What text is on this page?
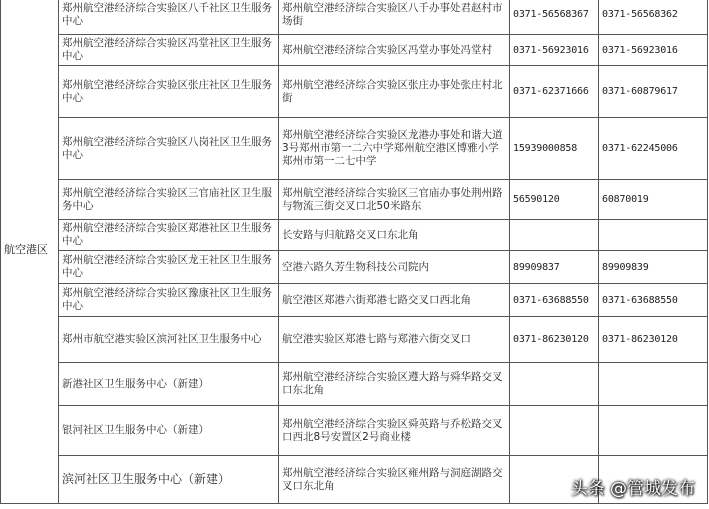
航空港区	郑州航空港经济综合实验区八千社区卫生服务中心	郑州航空港经济综合实验区八千办事处君赵村市场街	0371-56568367	0371-56568362
	郑州航空港经济综合实验区冯堂社区卫生服务中心	郑州航空港经济综合实验区冯堂办事处冯堂村	0371-56923016	0371-56923016
	郑州航空港经济综合实验区张庄社区卫生服务中心	郑州航空港经济综合实验区张庄办事处张庄村北街	0371-62371666	0371-60879617
	郑州航空港经济综合实验区八岗社区卫生服务中心	郑州航空港经济综合实验区龙港办事处和谐大道3号郑州市第一二六中学郑州航空港区博雅小学郑州市第一二七中学	15939000858	0371-62245006
	郑州航空港经济综合实验区三官庙社区卫生服务中心	郑州航空港经济综合实验区三官庙办事处荆州路与物流三街交叉口北50米路东	56590120	60870019
	郑州航空港经济综合实验区郑港社区卫生服务中心	长安路与归航路交叉口东北角		
	郑州航空港经济综合实验区龙王社区卫生服务中心	空港六路久芳生物科技公司院内	89909837	89909839
	郑州航空港经济综合实验区豫康社区卫生服务中心	航空港区郑港六街郑港七路交叉口西北角	0371-63688550	0371-63688550
	郑州市航空港实验区滨河社区卫生服务中心	航空港实验区郑港七路与郑港六街交叉口	0371-86230120	0371-86230120
	新港社区卫生服务中心（新建）	郑州航空港经济综合实验区遵大路与舜华路交叉口东北角		
	银河社区卫生服务中心（新建）	郑州航空港经济综合实验区舜英路与乔松路交叉口西北8号安置区2号商业楼		
	滨河社区卫生服务中心（新建）	郑州航空港经济综合实验区雍州路与洞庭湖路交叉口东北角			头条 @管城发布
